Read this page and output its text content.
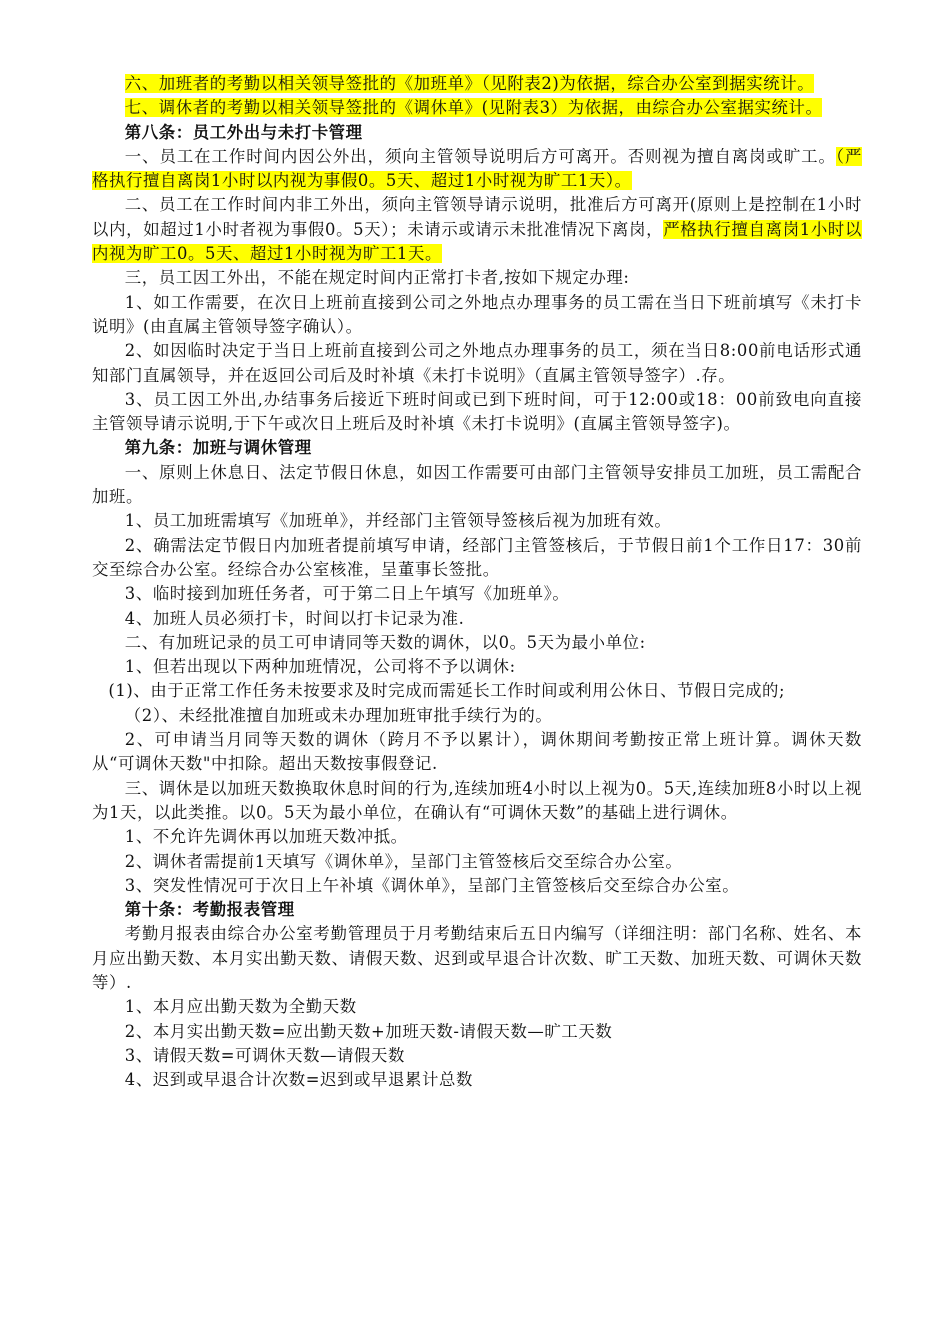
六、加班者的考勤以相关领导签批的《加班单》（见附表2)为依据，综合办公室到据实统计。

七、调休者的考勤以相关领导签批的《调休单》(见附表3）为依据，由综合办公室据实统计。

第八条：员工外出与未打卡管理

一、员工在工作时间内因公外出，须向主管领导说明后方可离开。否则视为擅自离岗或旷工。（严格执行擅自离岗1小时以内视为事假0。5天、超过1小时视为旷工1天）。

二、员工在工作时间内非工外出，须向主管领导请示说明，批准后方可离开(原则上是控制在1小时以内，如超过1小时者视为事假0。5天）；未请示或请示未批准情况下离岗，严格执行擅自离岗1小时以内视为旷工0。5天、超过1小时视为旷工1天。

三，员工因工外出，不能在规定时间内正常打卡者,按如下规定办理:

1、如工作需要，在次日上班前直接到公司之外地点办理事务的员工需在当日下班前填写《未打卡说明》(由直属主管领导签字确认）。

2、如因临时决定于当日上班前直接到公司之外地点办理事务的员工，须在当日8:00前电话形式通知部门直属领导，并在返回公司后及时补填《未打卡说明》（直属主管领导签字）.存。

3、员工因工外出,办结事务后接近下班时间或已到下班时间，可于12:00或18：00前致电向直接主管领导请示说明,于下午或次日上班后及时补填《未打卡说明》(直属主管领导签字)。

第九条：加班与调休管理

一、原则上休息日、法定节假日休息，如因工作需要可由部门主管领导安排员工加班，员工需配合加班。

1、员工加班需填写《加班单》，并经部门主管领导签核后视为加班有效。

2、确需法定节假日内加班者提前填写申请，经部门主管签核后，于节假日前1个工作日17：30前交至综合办公室。经综合办公室核准，呈董事长签批。

3、临时接到加班任务者，可于第二日上午填写《加班单》。

4、加班人员必须打卡，时间以打卡记录为准.

二、有加班记录的员工可申请同等天数的调休，以0。5天为最小单位:

1、但若出现以下两种加班情况，公司将不予以调休:

(1)、由于正常工作任务未按要求及时完成而需延长工作时间或利用公休日、节假日完成的;

（2）、未经批准擅自加班或未办理加班审批手续行为的。

2、可申请当月同等天数的调休（跨月不予以累计），调休期间考勤按正常上班计算。调休天数从“可调休天数"中扣除。超出天数按事假登记.

三、调休是以加班天数换取休息时间的行为,连续加班4小时以上视为0。5天,连续加班8小时以上视为1天，以此类推。以0。5天为最小单位，在确认有“可调休天数”的基础上进行调休。

1、不允许先调休再以加班天数冲抵。

2、调休者需提前1天填写《调休单》，呈部门主管签核后交至综合办公室。

3、突发性情况可于次日上午补填《调休单》，呈部门主管签核后交至综合办公室。

第十条：考勤报表管理

考勤月报表由综合办公室考勤管理员于月考勤结束后五日内编写（详细注明：部门名称、姓名、本月应出勤天数、本月实出勤天数、请假天数、迟到或早退合计次数、旷工天数、加班天数、可调休天数等）.

1、本月应出勤天数为全勤天数

2、本月实出勤天数=应出勤天数+加班天数-请假天数—旷工天数

3、请假天数=可调休天数—请假天数

4、迟到或早退合计次数=迟到或早退累计总数
